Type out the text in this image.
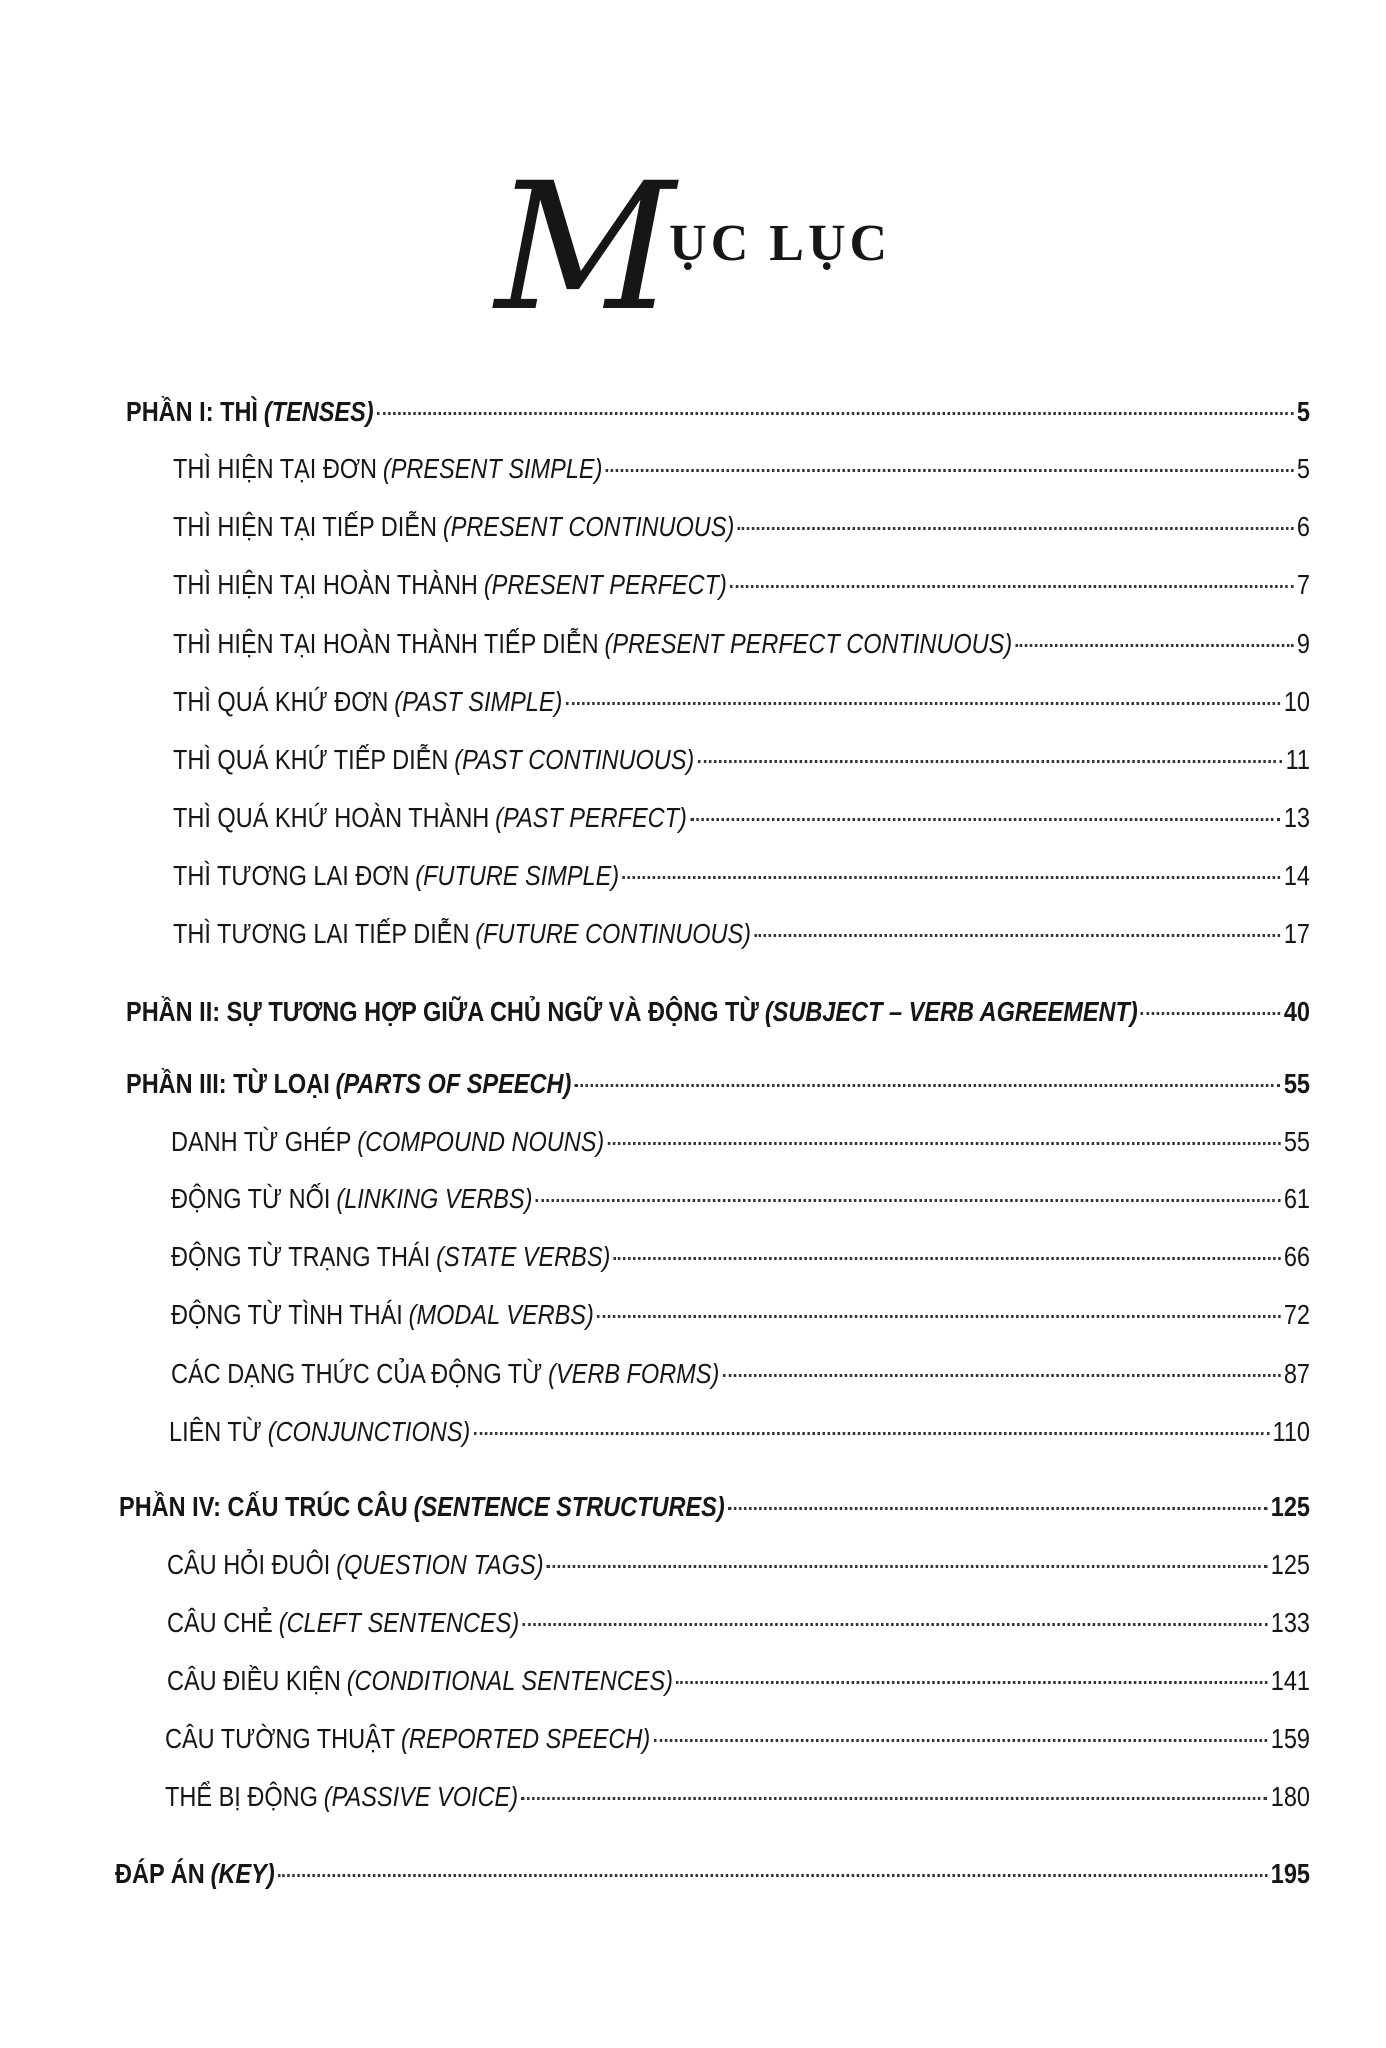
MỤC LỤC
PHẦN I: THÌ (TENSES)	5
THÌ HIỆN TẠI ĐƠN (PRESENT SIMPLE)	5
THÌ HIỆN TẠI TIẾP DIỄN (PRESENT CONTINUOUS)	6
THÌ HIỆN TẠI HOÀN THÀNH (PRESENT PERFECT)	7
THÌ HIỆN TẠI HOÀN THÀNH TIẾP DIỄN (PRESENT PERFECT CONTINUOUS)	9
THÌ QUÁ KHỨ ĐƠN (PAST SIMPLE)	10
THÌ QUÁ KHỨ TIẾP DIỄN (PAST CONTINUOUS)	11
THÌ QUÁ KHỨ HOÀN THÀNH (PAST PERFECT)	13
THÌ TƯƠNG LAI ĐƠN (FUTURE SIMPLE)	14
THÌ TƯƠNG LAI TIẾP DIỄN (FUTURE CONTINUOUS)	17
PHẦN II: SỰ TƯƠNG HỢP GIỮA CHỦ NGỮ VÀ ĐỘNG TỪ (SUBJECT – VERB AGREEMENT)	40
PHẦN III: TỪ LOẠI (PARTS OF SPEECH)	55
DANH TỪ GHÉP (COMPOUND NOUNS)	55
ĐỘNG TỪ NỐI (LINKING VERBS)	61
ĐỘNG TỪ TRẠNG THÁI (STATE VERBS)	66
ĐỘNG TỪ TÌNH THÁI (MODAL VERBS)	72
CÁC DẠNG THỨC CỦA ĐỘNG TỪ (VERB FORMS)	87
LIÊN TỪ (CONJUNCTIONS)	110
PHẦN IV: CẤU TRÚC CÂU (SENTENCE STRUCTURES)	125
CÂU HỎI ĐUÔI (QUESTION TAGS)	125
CÂU CHẺ (CLEFT SENTENCES)	133
CÂU ĐIỀU KIỆN (CONDITIONAL SENTENCES)	141
CÂU TƯỜNG THUẬT (REPORTED SPEECH)	159
THỂ BỊ ĐỘNG (PASSIVE VOICE)	180
ĐÁP ÁN (KEY)	195
